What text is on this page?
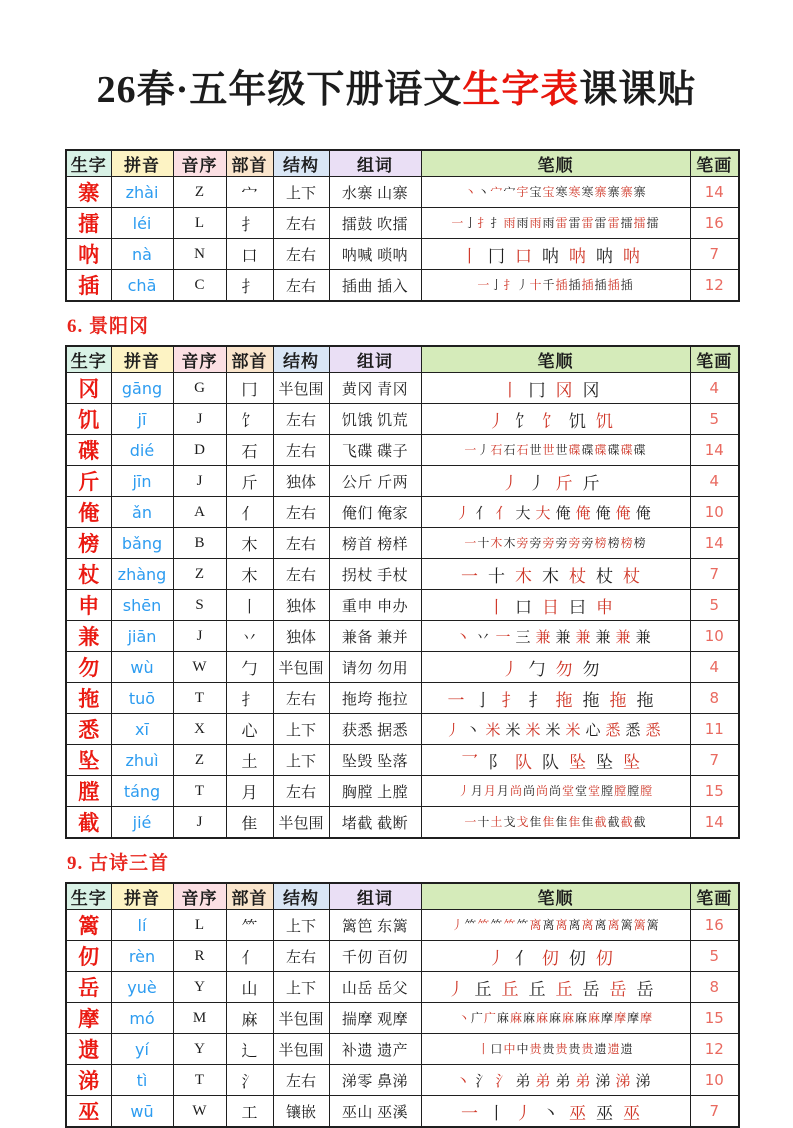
26春·五年级下册语文生字表课课贴
生字	拼音	音序	部首	结构	组词	笔顺	笔画
寨	zhài	Z	宀	上下	水寨 山寨	丶丶宀宀宇宝宝寒寒寒寨寨寨寨	14
擂	léi	L	扌	左右	擂鼓 吹擂	一亅扌扌雨雨雨雨雷雷雷雷雷擂擂擂	16
呐	nà	N	口	左右	呐喊 唢呐	丨 冂 口 呐 呐 呐 呐	7
插	chā	C	扌	左右	插曲 插入	一亅扌丿十千插插插插插插	12
6. 景阳冈
生字	拼音	音序	部首	结构	组词	笔顺	笔画
冈	gāng	G	冂	半包围	黄冈 青冈	丨 冂 冈 冈	4
饥	jī	J	饣	左右	饥饿 饥荒	丿 饣 饣 饥 饥	5
碟	dié	D	石	左右	飞碟 碟子	一丿石石石世世世碟碟碟碟碟碟	14
斤	jīn	J	斤	独体	公斤 斤两	丿 丿 斤 斤	4
俺	ǎn	A	亻	左右	俺们 俺家	丿 亻 亻 大 大 俺 俺 俺 俺 俺	10
榜	bǎng	B	木	左右	榜首 榜样	一十木木旁旁旁旁旁旁榜榜榜榜	14
杖	zhàng	Z	木	左右	拐杖 手杖	一 十 木 木 杖 杖 杖	7
申	shēn	S	丨	独体	重申 申办	丨 口 日 曰 申	5
兼	jiān	J	丷	独体	兼备 兼并	丶 丷 一 三 兼 兼 兼 兼 兼 兼	10
勿	wù	W	勹	半包围	请勿 勿用	丿 勹 勿 勿	4
拖	tuō	T	扌	左右	拖垮 拖拉	一 亅 扌 扌 拖 拖 拖 拖	8
悉	xī	X	心	上下	获悉 据悉	丿 丶 米 米 米 米 米 心 悉 悉 悉	11
坠	zhuì	Z	土	上下	坠毁 坠落	乛 阝 队 队 坠 坠 坠	7
膛	táng	T	月	左右	胸膛 上膛	丿月月月尚尚尚尚堂堂堂膛膛膛膛	15
截	jié	J	隹	半包围	堵截 截断	一十土戈戈隹隹隹隹隹截截截截	14
9. 古诗三首
生字	拼音	音序	部首	结构	组词	笔顺	笔画
篱	lí	L	⺮	上下	篱笆 东篱	丿⺮⺮⺮⺮⺮离离离离离离离篱篱篱	16
仞	rèn	R	亻	左右	千仞 百仞	丿 亻 仞 仞 仞	5
岳	yuè	Y	山	上下	山岳 岳父	丿 丘 丘 丘 丘 岳 岳 岳	8
摩	mó	M	麻	半包围	揣摩 观摩	丶广广麻麻麻麻麻麻麻麻摩摩摩摩	15
遗	yí	Y	辶	半包围	补遗 遗产	丨口中中贵贵贵贵贵遗遗遗	12
涕	tì	T	氵	左右	涕零 鼻涕	丶 氵 氵 弟 弟 弟 弟 涕 涕 涕	10
巫	wū	W	工	镶嵌	巫山 巫溪	一 丨 丿 丶 巫 巫 巫	7
